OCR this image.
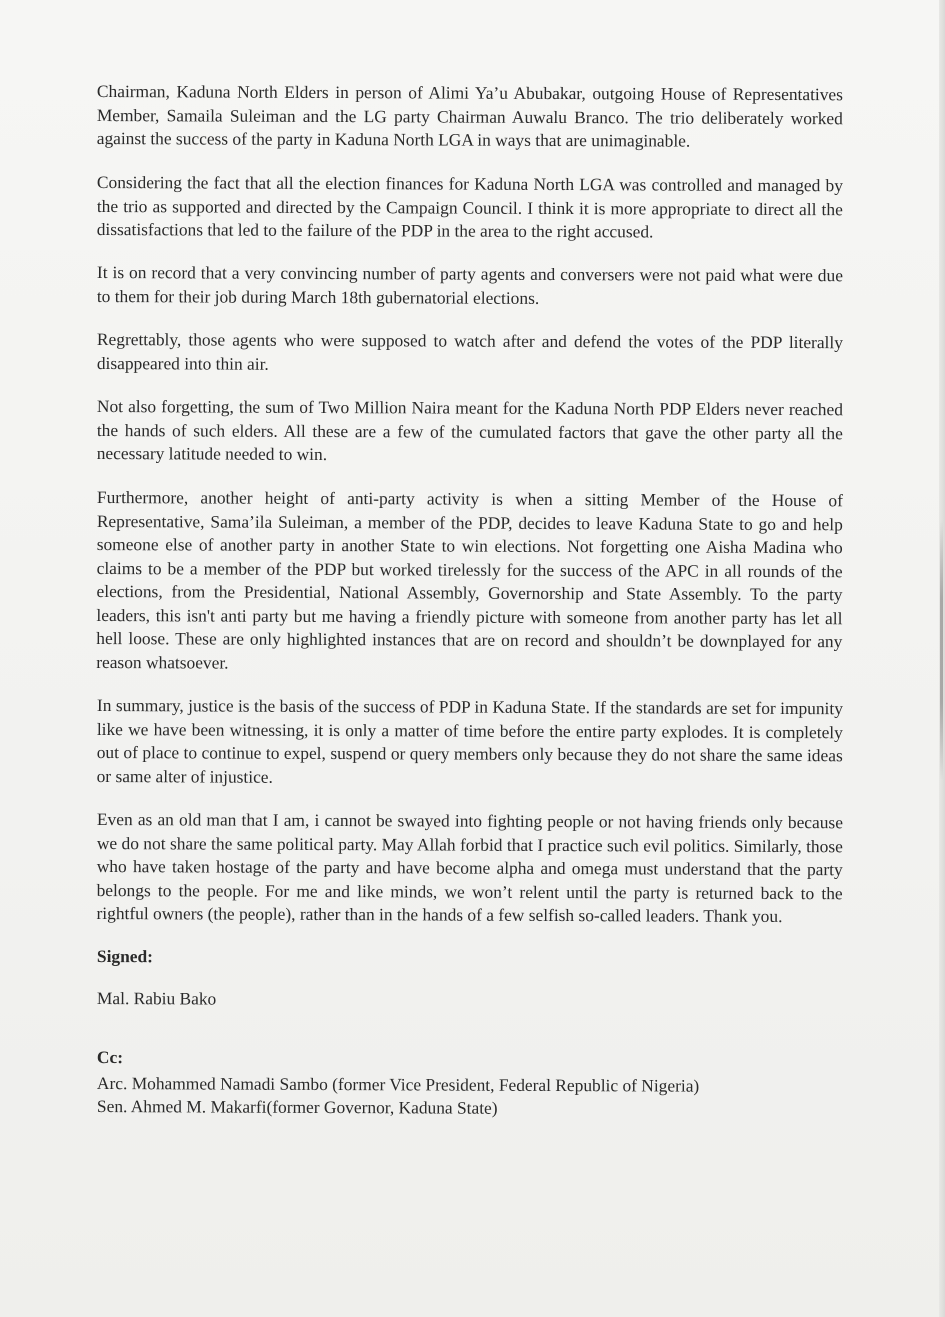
Chairman, Kaduna North Elders in person of Alimi Ya’u Abubakar, outgoing House of Representatives Member, Samaila Suleiman and the LG party Chairman Auwalu Branco. The trio deliberately worked against the success of the party in Kaduna North LGA in ways that are unimaginable.

Considering the fact that all the election finances for Kaduna North LGA was controlled and managed by the trio as supported and directed by the Campaign Council. I think it is more appropriate to direct all the dissatisfactions that led to the failure of the PDP in the area to the right accused.

It is on record that a very convincing number of party agents and conversers were not paid what were due to them for their job during March 18th gubernatorial elections.

Regrettably, those agents who were supposed to watch after and defend the votes of the PDP literally disappeared into thin air.

Not also forgetting, the sum of Two Million Naira meant for the Kaduna North PDP Elders never reached the hands of such elders. All these are a few of the cumulated factors that gave the other party all the necessary latitude needed to win.

Furthermore, another height of anti-party activity is when a sitting Member of the House of Representative, Sama’ila Suleiman, a member of the PDP, decides to leave Kaduna State to go and help someone else of another party in another State to win elections. Not forgetting one Aisha Madina who claims to be a member of the PDP but worked tirelessly for the success of the APC in all rounds of the elections, from the Presidential, National Assembly, Governorship and State Assembly. To the party leaders, this isn't anti party but me having a friendly picture with someone from another party has let all hell loose. These are only highlighted instances that are on record and shouldn’t be downplayed for any reason whatsoever.

In summary, justice is the basis of the success of PDP in Kaduna State. If the standards are set for impunity like we have been witnessing, it is only a matter of time before the entire party explodes. It is completely out of place to continue to expel, suspend or query members only because they do not share the same ideas or same alter of injustice.

Even as an old man that I am, i cannot be swayed into fighting people or not having friends only because we do not share the same political party. May Allah forbid that I practice such evil politics. Similarly, those who have taken hostage of the party and have become alpha and omega must understand that the party belongs to the people. For me and like minds, we won’t relent until the party is returned back to the rightful owners (the people), rather than in the hands of a few selfish so-called leaders. Thank you.

Signed:

Mal. Rabiu Bako

Cc:

Arc. Mohammed Namadi Sambo (former Vice President, Federal Republic of Nigeria)

Sen. Ahmed M. Makarfi(former Governor, Kaduna State)
